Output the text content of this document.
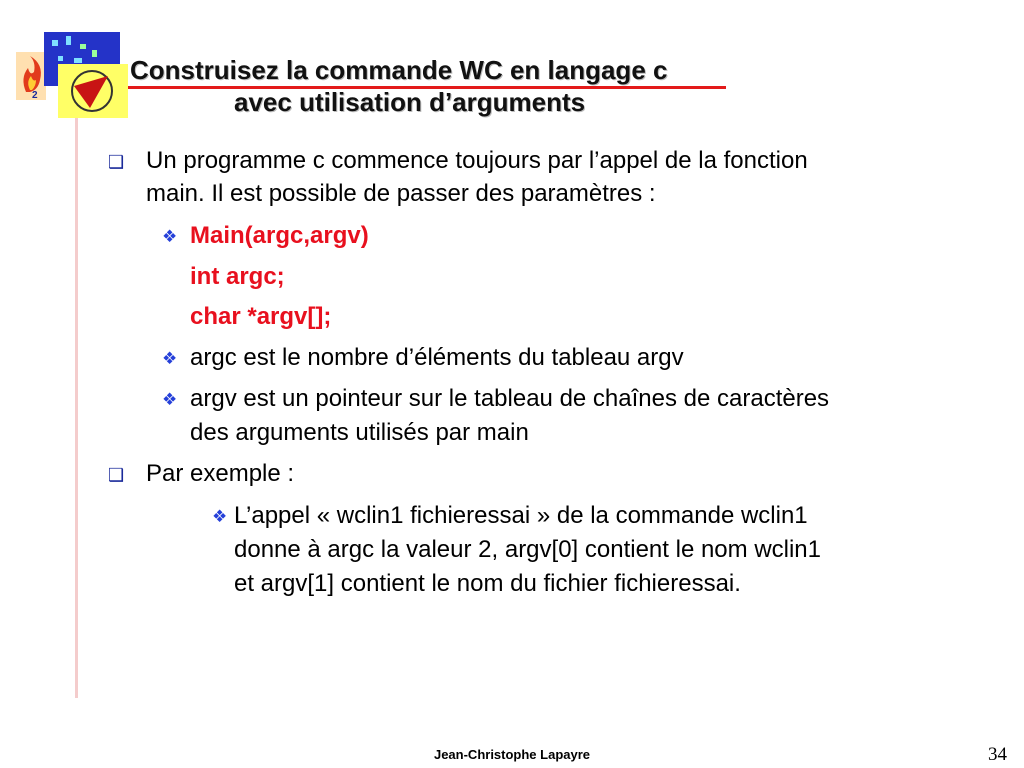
2
Construisez la commande WC en langage c
avec utilisation d’arguments
❑ Un programme c commence toujours par l’appel de la fonction
main. Il est possible de passer des paramètres :
❖ Main(argc,argv)
int argc;
char *argv[];
❖ argc est le nombre d’éléments du tableau argv
❖ argv est un pointeur sur le tableau de chaînes de caractères
des arguments utilisés par main
❑ Par exemple :
❖ L’appel « wclin1 fichieressai » de la commande wclin1
donne à argc la valeur 2, argv[0] contient le nom wclin1
et argv[1] contient le nom du fichier fichieressai.
Jean-Christophe Lapayre	34
